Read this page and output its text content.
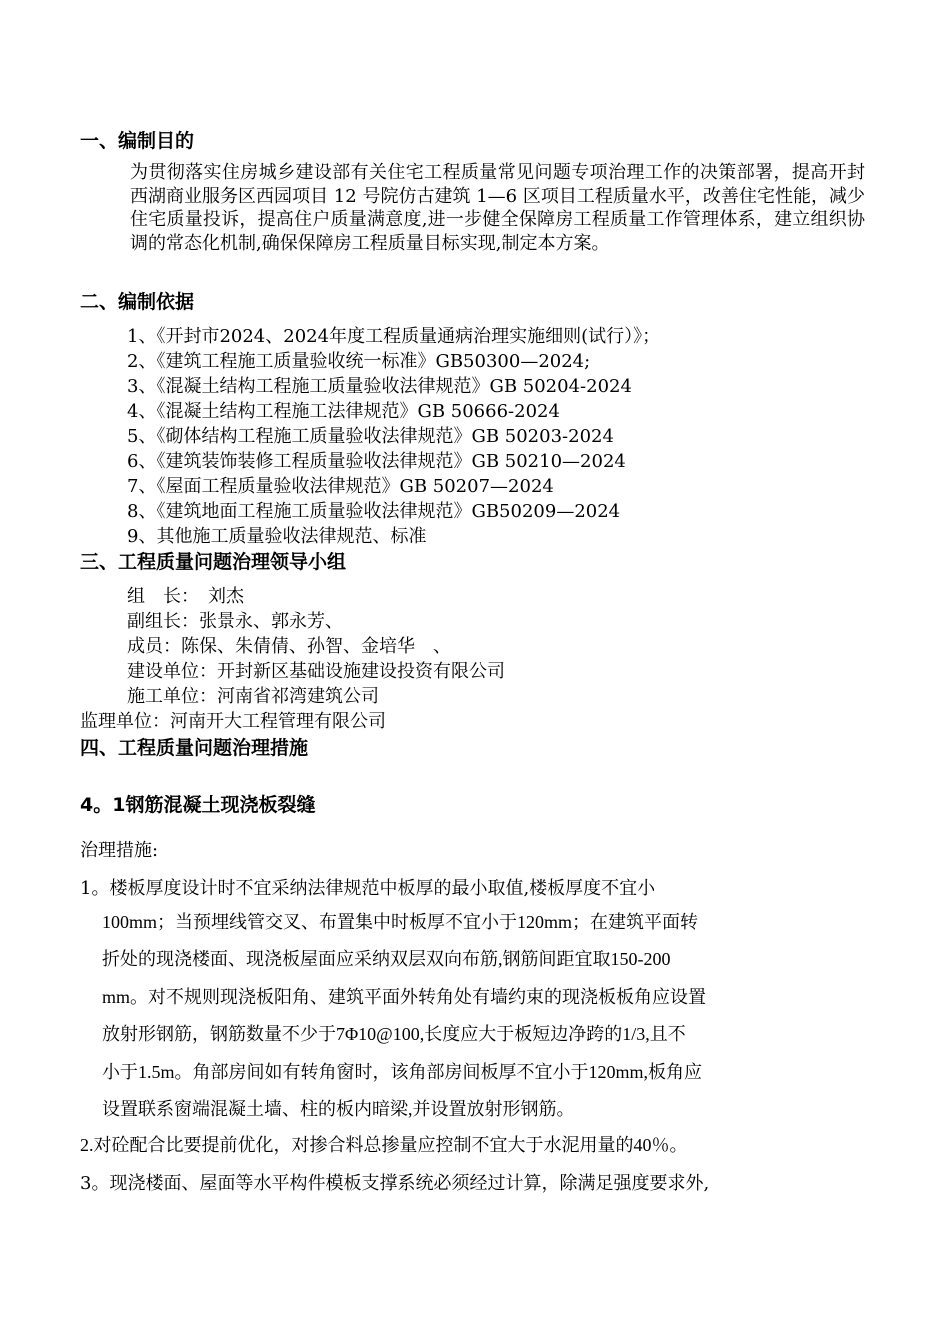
一、编制目的
为贯彻落实住房城乡建设部有关住宅工程质量常见问题专项治理工作的决策部署，提高开封西湖商业服务区西园项目 12 号院仿古建筑 1—6 区项目工程质量水平，改善住宅性能，减少住宅质量投诉，提高住户质量满意度,进一步健全保障房工程质量工作管理体系，建立组织协调的常态化机制,确保保障房工程质量目标实现,制定本方案。
二、编制依据
1、《开封市2024、2024年度工程质量通病治理实施细则(试行）》；
2、《建筑工程施工质量验收统一标准》GB50300—2024;
3、《混凝土结构工程施工质量验收法律规范》GB 50204-2024
4、《混凝土结构工程施工法律规范》GB 50666-2024
5、《砌体结构工程施工质量验收法律规范》GB 50203-2024
6、《建筑装饰装修工程质量验收法律规范》GB 50210—2024
7、《屋面工程质量验收法律规范》GB 50207—2024
8、《建筑地面工程施工质量验收法律规范》GB50209—2024
9、其他施工质量验收法律规范、标准
三、工程质量问题治理领导小组
组　长：　刘杰
副组长：张景永、郭永芳、
成员：陈保、朱倩倩、孙智、金培华　、
建设单位：开封新区基础设施建设投资有限公司
施工单位：河南省祁湾建筑公司
监理单位：河南开大工程管理有限公司
四、工程质量问题治理措施
4。1钢筋混凝土现浇板裂缝
治理措施:
1。楼板厚度设计时不宜采纳法律规范中板厚的最小取值,楼板厚度不宜小
100mm；当预埋线管交叉、布置集中时板厚不宜小于120mm；在建筑平面转
折处的现浇楼面、现浇板屋面应采纳双层双向布筋,钢筋间距宜取150-200
mm。对不规则现浇板阳角、建筑平面外转角处有墙约束的现浇板板角应设置
放射形钢筋，钢筋数量不少于7Φ10@100,长度应大于板短边净跨的1/3,且不
小于1.5m。角部房间如有转角窗时，该角部房间板厚不宜小于120mm,板角应
设置联系窗端混凝土墙、柱的板内暗梁,并设置放射形钢筋。
2.对砼配合比要提前优化，对掺合料总掺量应控制不宜大于水泥用量的40％。
3。现浇楼面、屋面等水平构件模板支撑系统必须经过计算，除满足强度要求外,
